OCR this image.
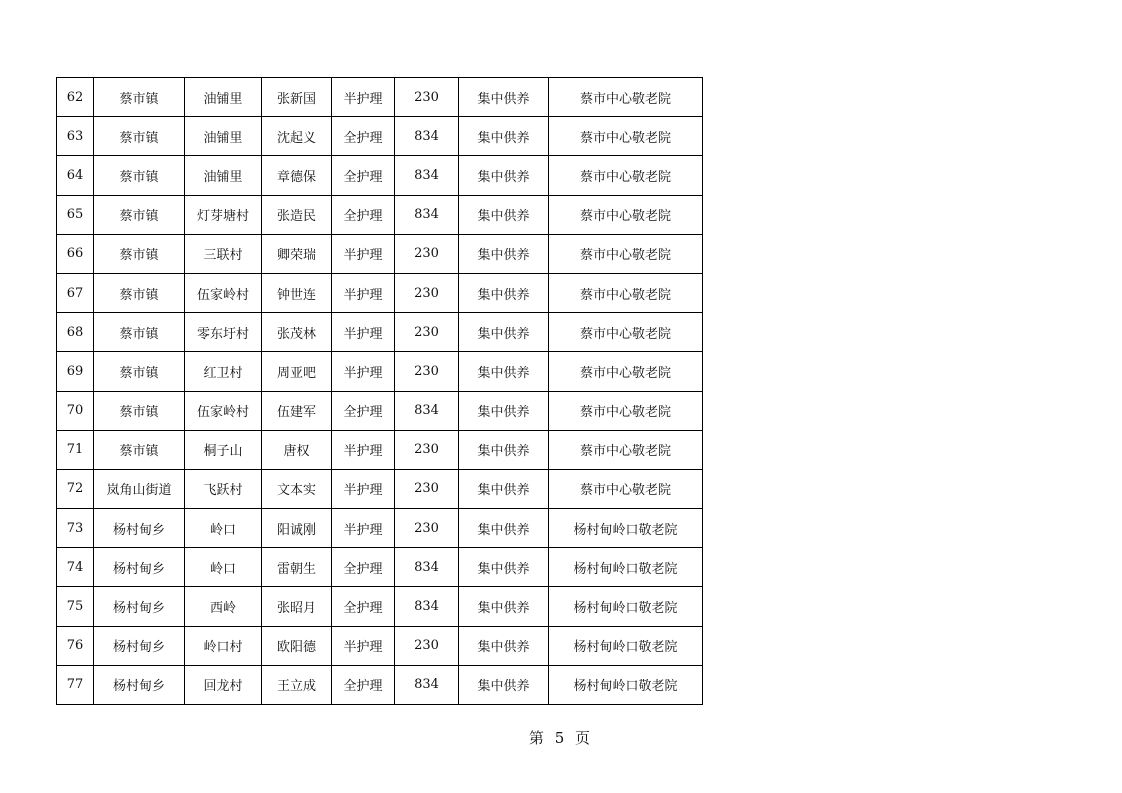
62	蔡市镇	油铺里	张新国	半护理	230	集中供养	蔡市中心敬老院
63	蔡市镇	油铺里	沈起义	全护理	834	集中供养	蔡市中心敬老院
64	蔡市镇	油铺里	章德保	全护理	834	集中供养	蔡市中心敬老院
65	蔡市镇	灯芽塘村	张造民	全护理	834	集中供养	蔡市中心敬老院
66	蔡市镇	三联村	卿荣瑞	半护理	230	集中供养	蔡市中心敬老院
67	蔡市镇	伍家岭村	钟世连	半护理	230	集中供养	蔡市中心敬老院
68	蔡市镇	零东圩村	张茂林	半护理	230	集中供养	蔡市中心敬老院
69	蔡市镇	红卫村	周亚吧	半护理	230	集中供养	蔡市中心敬老院
70	蔡市镇	伍家岭村	伍建军	全护理	834	集中供养	蔡市中心敬老院
71	蔡市镇	桐子山	唐权	半护理	230	集中供养	蔡市中心敬老院
72	岚角山街道	飞跃村	文本实	半护理	230	集中供养	蔡市中心敬老院
73	杨村甸乡	岭口	阳诚刚	半护理	230	集中供养	杨村甸岭口敬老院
74	杨村甸乡	岭口	雷朝生	全护理	834	集中供养	杨村甸岭口敬老院
75	杨村甸乡	西岭	张昭月	全护理	834	集中供养	杨村甸岭口敬老院
76	杨村甸乡	岭口村	欧阳德	半护理	230	集中供养	杨村甸岭口敬老院
77	杨村甸乡	回龙村	王立成	全护理	834	集中供养	杨村甸岭口敬老院
第 5 页
